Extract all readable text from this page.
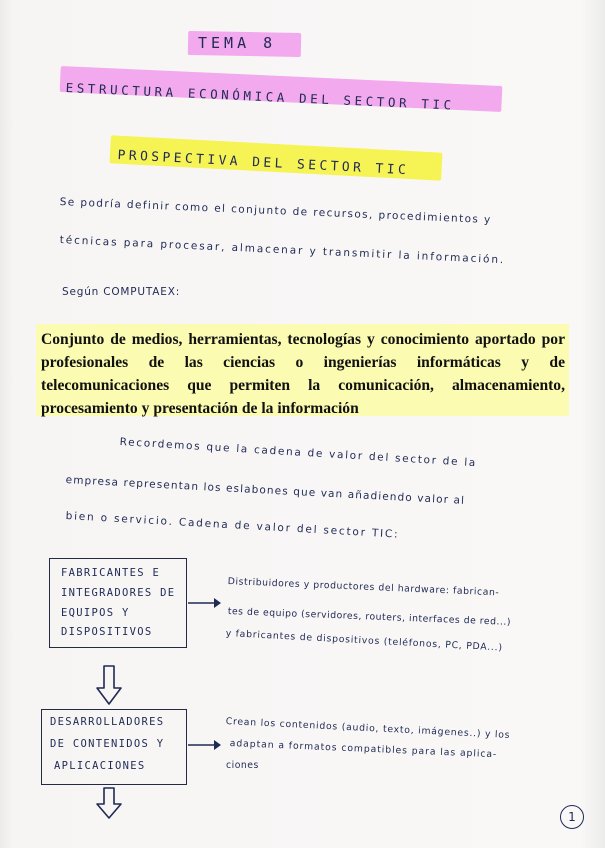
TEMA 8
ESTRUCTURA ECONÓMICA DEL SECTOR TIC
PROSPECTIVA DEL SECTOR TIC
Se podría definir como el conjunto de recursos, procedimientos y
técnicas para procesar, almacenar y transmitir la información.
Según COMPUTAEX:

Conjunto de medios, herramientas, tecnologías y conocimiento aportado por profesionales de las ciencias o ingenierías informáticas y de telecomunicaciones que permiten la comunicación, almacenamiento, procesamiento y presentación de la información

Recordemos que la cadena de valor del sector de la
empresa representan los eslabones que van añadiendo valor al
bien o servicio. Cadena de valor del sector TIC:
FABRICANTES E
INTEGRADORES DE
EQUIPOS Y
DISPOSITIVOS
Distribuidores y productores del hardware: fabrican-
tes de equipo (servidores, routers, interfaces de red...)
y fabricantes de dispositivos (teléfonos, PC, PDA...)
DESARROLLADORES
DE CONTENIDOS Y
APLICACIONES
Crean los contenidos (audio, texto, imágenes..) y los
adaptan a formatos compatibles para las aplica-
ciones
1
